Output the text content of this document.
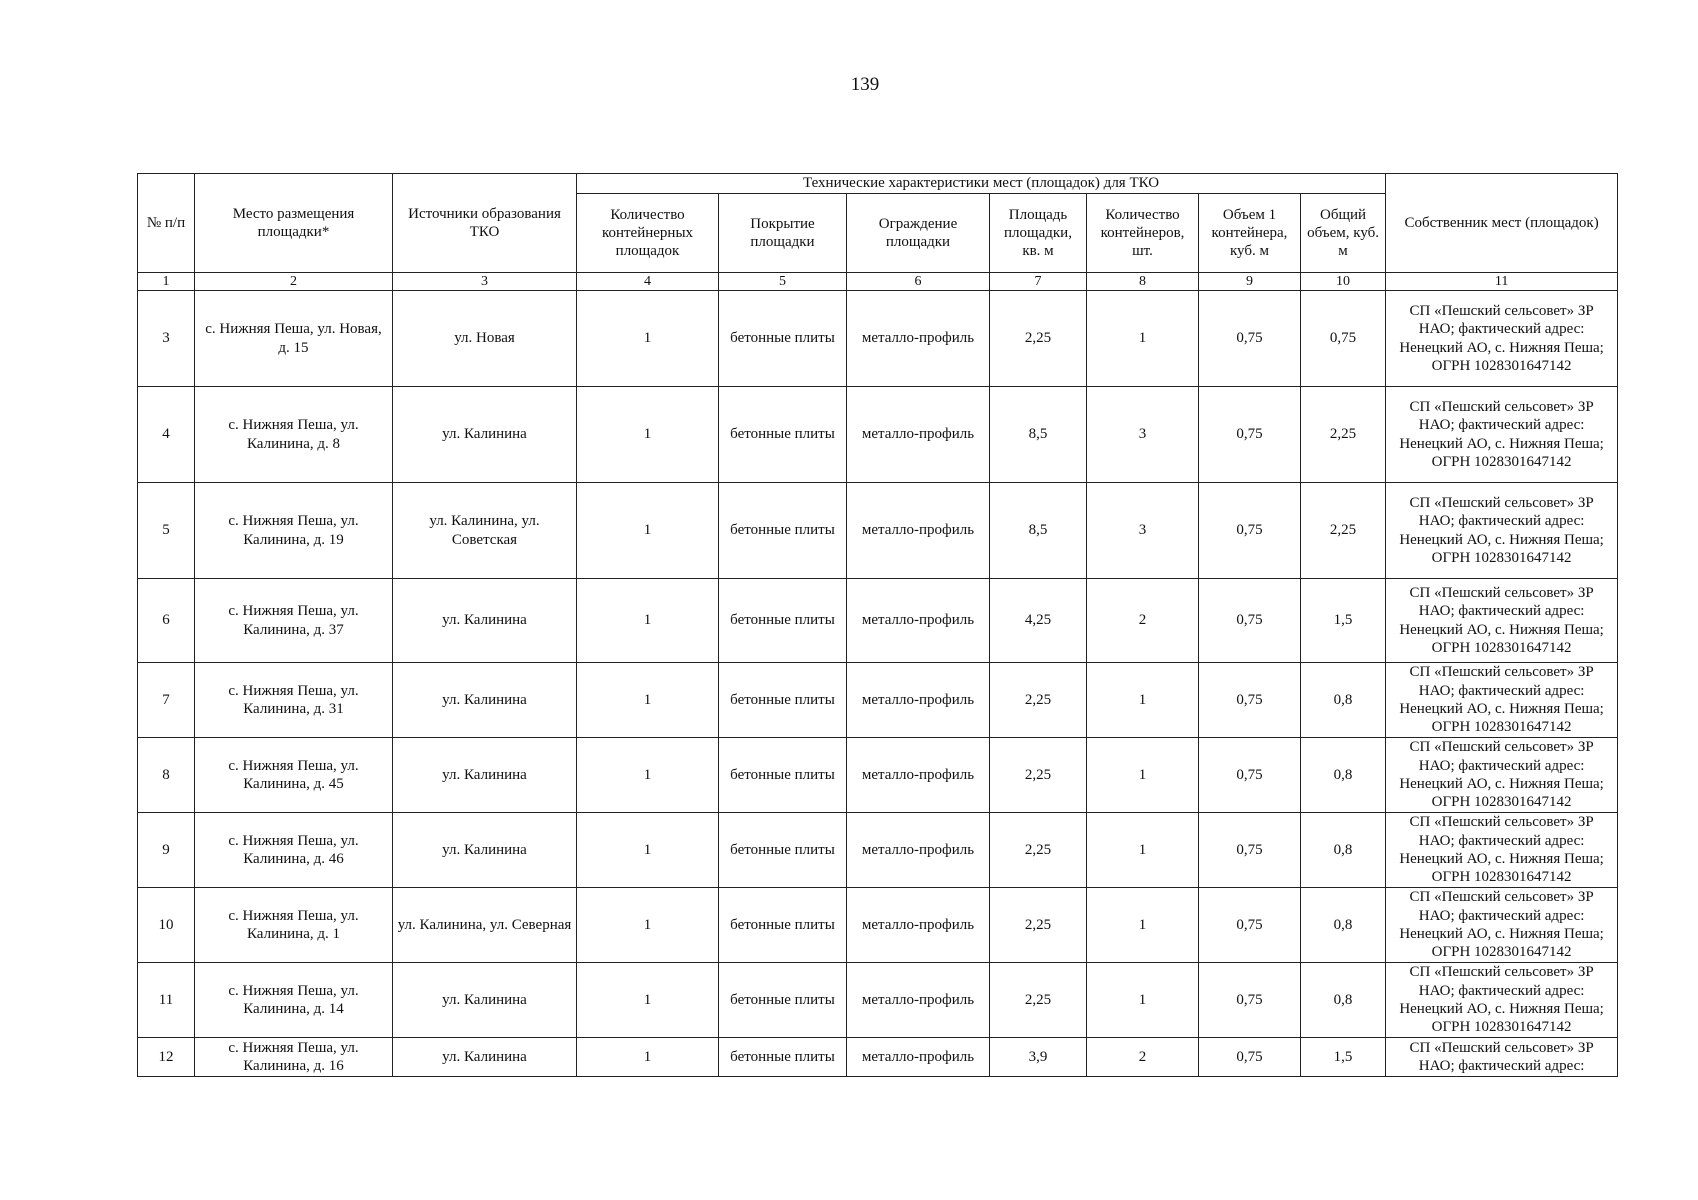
139
№ п/п	Место размещения площадки*	Источники образования ТКО	Технические характеристики мест (площадок) для ТКО							Собственник мест (площадок)
			Количество контейнерных площадок	Покрытие площадки	Ограждение площадки	Площадь площадки, кв. м	Количество контейнеров, шт.	Объем 1 контейнера, куб. м	Общий объем, куб. м	
1	2	3	4	5	6	7	8	9	10	11
3	с. Нижняя Пеша, ул. Новая, д. 15	ул. Новая	1	бетонные плиты	металло-профиль	2,25	1	0,75	0,75	СП «Пешский сельсовет» ЗР НАО; фактический адрес: Ненецкий АО, с. Нижняя Пеша; ОГРН 1028301647142
4	с. Нижняя Пеша, ул. Калинина, д. 8	ул. Калинина	1	бетонные плиты	металло-профиль	8,5	3	0,75	2,25	СП «Пешский сельсовет» ЗР НАО; фактический адрес: Ненецкий АО, с. Нижняя Пеша; ОГРН 1028301647142
5	с. Нижняя Пеша, ул. Калинина, д. 19	ул. Калинина, ул. Советская	1	бетонные плиты	металло-профиль	8,5	3	0,75	2,25	СП «Пешский сельсовет» ЗР НАО; фактический адрес: Ненецкий АО, с. Нижняя Пеша; ОГРН 1028301647142
6	с. Нижняя Пеша, ул. Калинина, д. 37	ул. Калинина	1	бетонные плиты	металло-профиль	4,25	2	0,75	1,5	СП «Пешский сельсовет» ЗР НАО; фактический адрес: Ненецкий АО, с. Нижняя Пеша; ОГРН 1028301647142
7	с. Нижняя Пеша, ул. Калинина, д. 31	ул. Калинина	1	бетонные плиты	металло-профиль	2,25	1	0,75	0,8	СП «Пешский сельсовет» ЗР НАО; фактический адрес: Ненецкий АО, с. Нижняя Пеша; ОГРН 1028301647142
8	с. Нижняя Пеша, ул. Калинина, д. 45	ул. Калинина	1	бетонные плиты	металло-профиль	2,25	1	0,75	0,8	СП «Пешский сельсовет» ЗР НАО; фактический адрес: Ненецкий АО, с. Нижняя Пеша; ОГРН 1028301647142
9	с. Нижняя Пеша, ул. Калинина, д. 46	ул. Калинина	1	бетонные плиты	металло-профиль	2,25	1	0,75	0,8	СП «Пешский сельсовет» ЗР НАО; фактический адрес: Ненецкий АО, с. Нижняя Пеша; ОГРН 1028301647142
10	с. Нижняя Пеша, ул. Калинина, д. 1	ул. Калинина, ул. Северная	1	бетонные плиты	металло-профиль	2,25	1	0,75	0,8	СП «Пешский сельсовет» ЗР НАО; фактический адрес: Ненецкий АО, с. Нижняя Пеша; ОГРН 1028301647142
11	с. Нижняя Пеша, ул. Калинина, д. 14	ул. Калинина	1	бетонные плиты	металло-профиль	2,25	1	0,75	0,8	СП «Пешский сельсовет» ЗР НАО; фактический адрес: Ненецкий АО, с. Нижняя Пеша; ОГРН 1028301647142
12	с. Нижняя Пеша, ул. Калинина, д. 16	ул. Калинина	1	бетонные плиты	металло-профиль	3,9	2	0,75	1,5	СП «Пешский сельсовет» ЗР НАО; фактический адрес:
